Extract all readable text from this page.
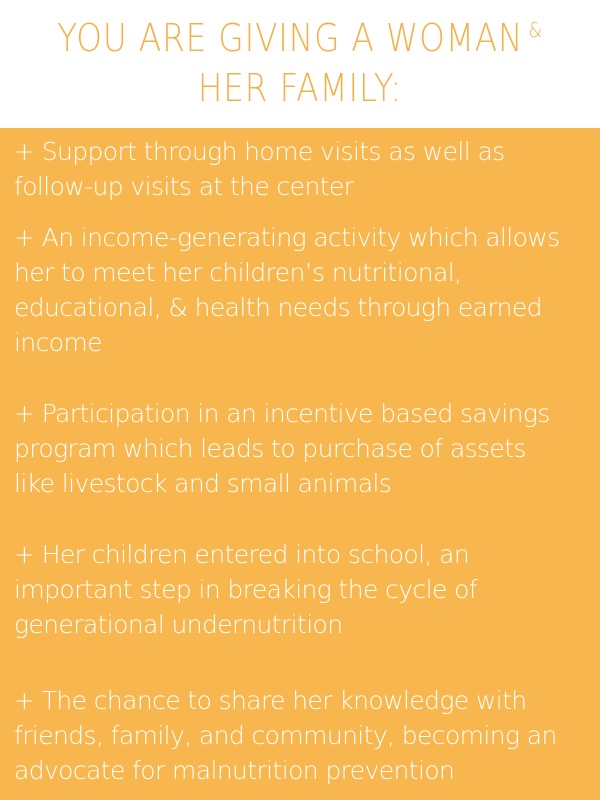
YOU ARE GIVING A WOMAN &
HER FAMILY:
+ Support through home visits as well as
follow-up visits at the center
+ An income-generating activity which allows
her to meet her children’s nutritional,
educational, & health needs through earned
income
+ Participation in an incentive based savings
program which leads to purchase of assets
like livestock and small animals
+ Her children entered into school, an
important step in breaking the cycle of
generational undernutrition
+ The chance to share her knowledge with
friends, family, and community, becoming an
advocate for malnutrition prevention
